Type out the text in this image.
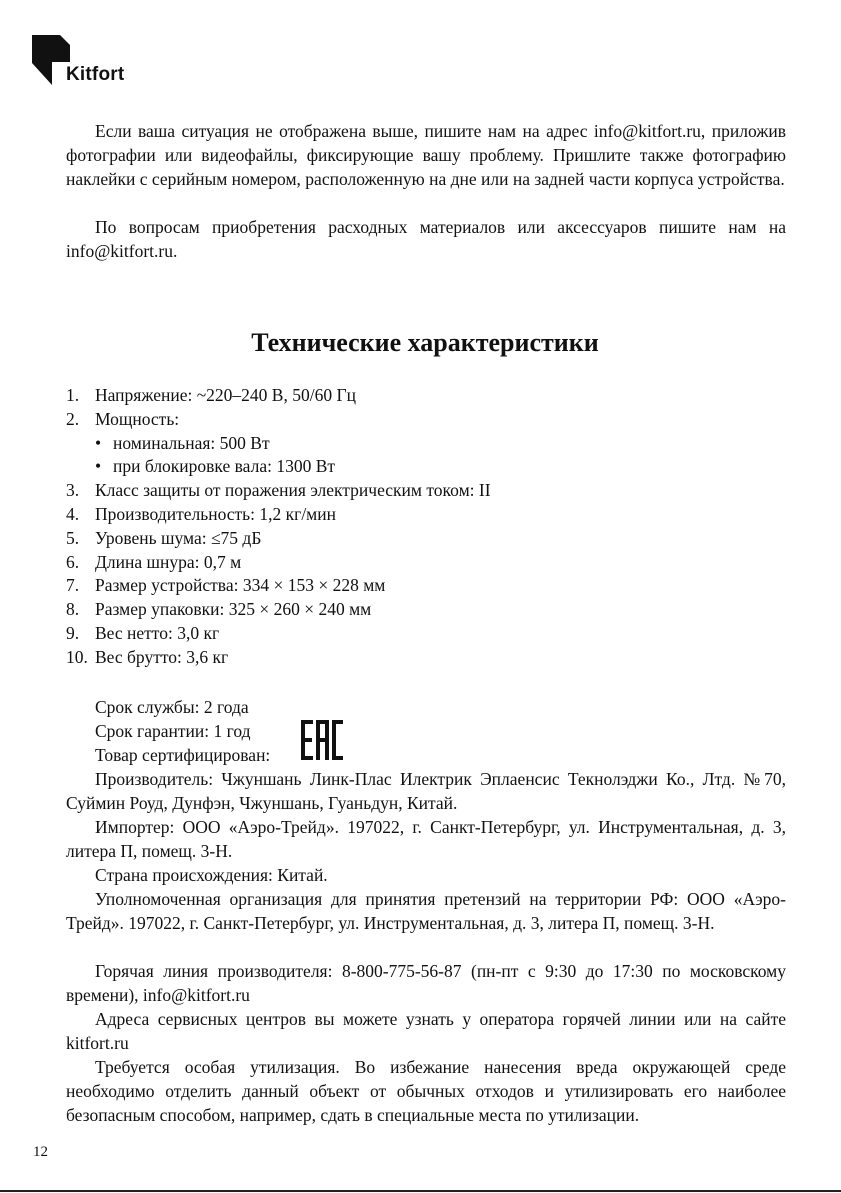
Kitfort

Если ваша ситуация не отображена выше, пишите нам на адрес info@kitfort.ru, приложив фотографии или видеофайлы, фиксирующие вашу проблему. Пришлите также фотографию наклейки с серийным номером, расположенную на дне или на задней части корпуса устройства.

По вопросам приобретения расходных материалов или аксессуаров пишите нам на info@kitfort.ru.

Технические характеристики
1. Напряжение: ~220–240 В, 50/60 Гц
2. Мощность:
• номинальная: 500 Вт
• при блокировке вала: 1300 Вт
3. Класс защиты от поражения электрическим током: II
4. Производительность: 1,2 кг/мин
5. Уровень шума: ≤75 дБ
6. Длина шнура: 0,7 м
7. Размер устройства: 334 × 153 × 228 мм
8. Размер упаковки: 325 × 260 × 240 мм
9. Вес нетто: 3,0 кг
10. Вес брутто: 3,6 кг

Срок службы: 2 года

Срок гарантии: 1 год

Товар сертифицирован:

Производитель: Чжуншань Линк-Плас Илектрик Эплаенсис Текнолэджи Ко., Лтд. №70, Суймин Роуд, Дунфэн, Чжуншань, Гуаньдун, Китай.

Импортер: ООО «Аэро-Трейд». 197022, г. Санкт-Петербург, ул. Инструментальная, д. 3, литера П, помещ. 3-Н.

Страна происхождения: Китай.

Уполномоченная организация для принятия претензий на территории РФ: ООО «Аэро-Трейд». 197022, г. Санкт-Петербург, ул. Инструментальная, д. 3, литера П, помещ. 3-Н.

Горячая линия производителя: 8-800-775-56-87 (пн-пт с 9:30 до 17:30 по московскому времени), info@kitfort.ru

Адреса сервисных центров вы можете узнать у оператора горячей линии или на сайте kitfort.ru

Требуется особая утилизация. Во избежание нанесения вреда окружающей среде необходимо отделить данный объект от обычных отходов и утилизировать его наиболее безопасным способом, например, сдать в специальные места по утилизации.

12
